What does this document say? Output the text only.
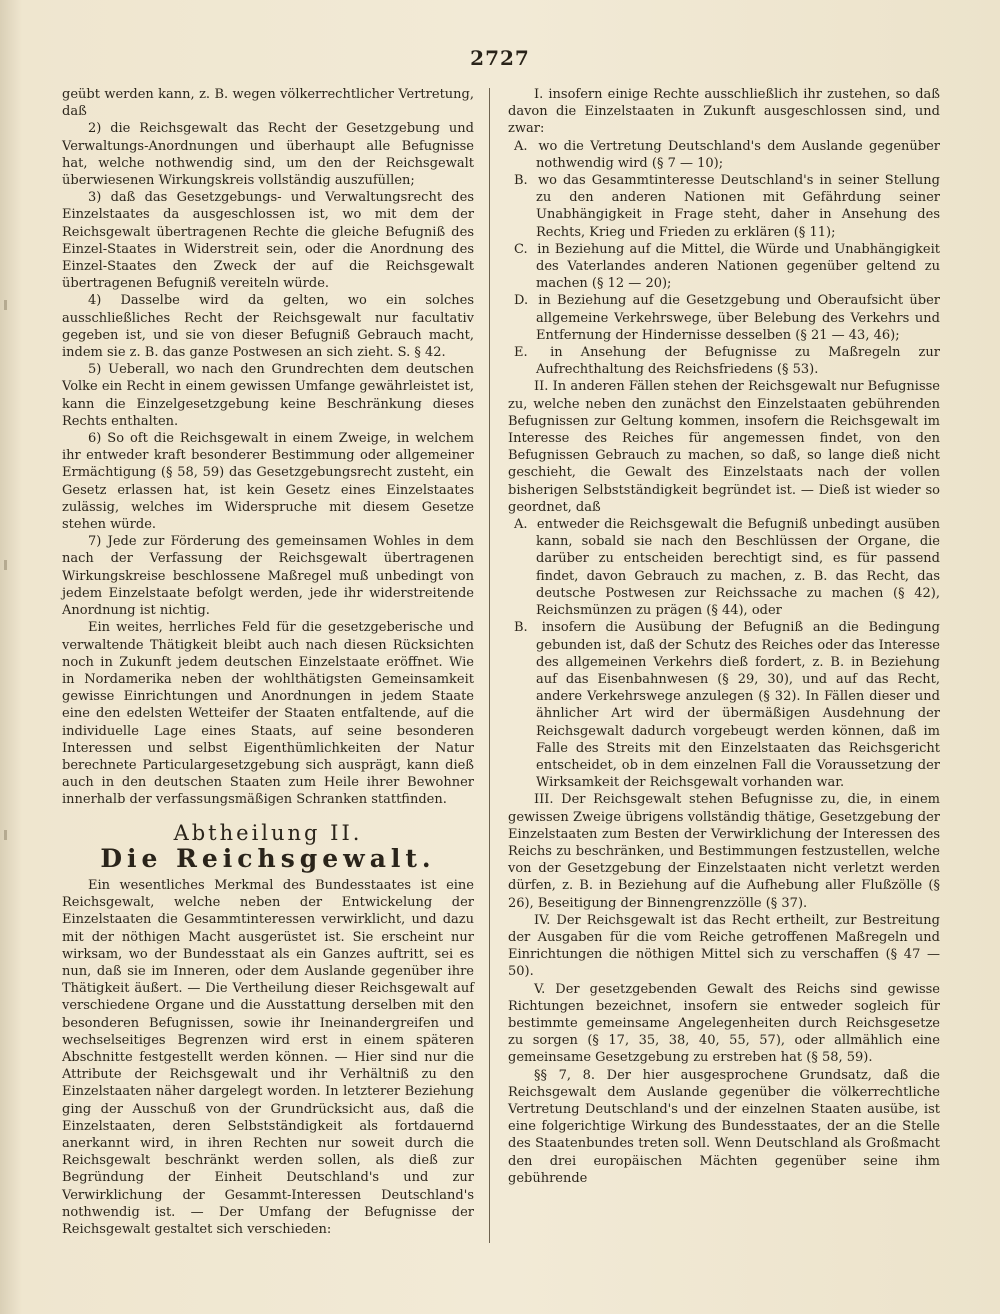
2727

geübt werden kann, z. B. wegen völkerrechtlicher Vertretung, daß

2) die Reichsgewalt das Recht der Gesetzgebung und Verwaltungs-Anordnungen und überhaupt alle Befugnisse hat, welche nothwendig sind, um den der Reichsgewalt überwiesenen Wirkungskreis vollständig auszufüllen;

3) daß das Gesetzgebungs- und Verwaltungsrecht des Einzelstaates da ausgeschlossen ist, wo mit dem der Reichsgewalt übertragenen Rechte die gleiche Befugniß des Einzel-Staates in Widerstreit sein, oder die Anordnung des Einzel-Staates den Zweck der auf die Reichsgewalt übertragenen Befugniß vereiteln würde.

4) Dasselbe wird da gelten, wo ein solches ausschließliches Recht der Reichsgewalt nur facultativ gegeben ist, und sie von dieser Befugniß Gebrauch macht, indem sie z. B. das ganze Postwesen an sich zieht. S. § 42.

5) Ueberall, wo nach den Grundrechten dem deutschen Volke ein Recht in einem gewissen Umfange gewährleistet ist, kann die Einzelgesetzgebung keine Beschränkung dieses Rechts enthalten.

6) So oft die Reichsgewalt in einem Zweige, in welchem ihr entweder kraft besonderer Bestimmung oder allgemeiner Ermächtigung (§ 58, 59) das Gesetzgebungsrecht zusteht, ein Gesetz erlassen hat, ist kein Gesetz eines Einzelstaates zulässig, welches im Widerspruche mit diesem Gesetze stehen würde.

7) Jede zur Förderung des gemeinsamen Wohles in dem nach der Verfassung der Reichsgewalt übertragenen Wirkungskreise beschlossene Maßregel muß unbedingt von jedem Einzelstaate befolgt werden, jede ihr widerstreitende Anordnung ist nichtig.

Ein weites, herrliches Feld für die gesetzgeberische und verwaltende Thätigkeit bleibt auch nach diesen Rücksichten noch in Zukunft jedem deutschen Einzelstaate eröffnet. Wie in Nordamerika neben der wohlthätigsten Gemeinsamkeit gewisse Einrichtungen und Anordnungen in jedem Staate eine den edelsten Wetteifer der Staaten entfaltende, auf die individuelle Lage eines Staats, auf seine besonderen Interessen und selbst Eigenthümlichkeiten der Natur berechnete Particulargesetzgebung sich ausprägt, kann dieß auch in den deutschen Staaten zum Heile ihrer Bewohner innerhalb der verfassungsmäßigen Schranken stattfinden.

Abtheilung II.
Die Reichsgewalt.

Ein wesentliches Merkmal des Bundesstaates ist eine Reichsgewalt, welche neben der Entwickelung der Einzelstaaten die Gesammtinteressen verwirklicht, und dazu mit der nöthigen Macht ausgerüstet ist. Sie erscheint nur wirksam, wo der Bundesstaat als ein Ganzes auftritt, sei es nun, daß sie im Inneren, oder dem Auslande gegenüber ihre Thätigkeit äußert. — Die Vertheilung dieser Reichsgewalt auf verschiedene Organe und die Ausstattung derselben mit den besonderen Befugnissen, sowie ihr Ineinandergreifen und wechselseitiges Begrenzen wird erst in einem späteren Abschnitte festgestellt werden können. — Hier sind nur die Attribute der Reichsgewalt und ihr Verhältniß zu den Einzelstaaten näher dargelegt worden. In letzterer Beziehung ging der Ausschuß von der Grundrücksicht aus, daß die Einzelstaaten, deren Selbstständigkeit als fortdauernd anerkannt wird, in ihren Rechten nur soweit durch die Reichsgewalt beschränkt werden sollen, als dieß zur Begründung der Einheit Deutschland's und zur Verwirklichung der Gesammt-Interessen Deutschland's nothwendig ist. — Der Umfang der Befugnisse der Reichsgewalt gestaltet sich verschieden:

I. insofern einige Rechte ausschließlich ihr zustehen, so daß davon die Einzelstaaten in Zukunft ausgeschlossen sind, und zwar:

A. wo die Vertretung Deutschland's dem Auslande gegenüber nothwendig wird (§ 7 — 10);

B. wo das Gesammtinteresse Deutschland's in seiner Stellung zu den anderen Nationen mit Gefährdung seiner Unabhängigkeit in Frage steht, daher in Ansehung des Rechts, Krieg und Frieden zu erklären (§ 11);

C. in Beziehung auf die Mittel, die Würde und Unabhängigkeit des Vaterlandes anderen Nationen gegenüber geltend zu machen (§ 12 — 20);

D. in Beziehung auf die Gesetzgebung und Oberaufsicht über allgemeine Verkehrswege, über Belebung des Verkehrs und Entfernung der Hindernisse desselben (§ 21 — 43, 46);

E. in Ansehung der Befugnisse zu Maßregeln zur Aufrechthaltung des Reichsfriedens (§ 53).

II. In anderen Fällen stehen der Reichsgewalt nur Befugnisse zu, welche neben den zunächst den Einzelstaaten gebührenden Befugnissen zur Geltung kommen, insofern die Reichsgewalt im Interesse des Reiches für angemessen findet, von den Befugnissen Gebrauch zu machen, so daß, so lange dieß nicht geschieht, die Gewalt des Einzelstaats nach der vollen bisherigen Selbstständigkeit begründet ist. — Dieß ist wieder so geordnet, daß

A. entweder die Reichsgewalt die Befugniß unbedingt ausüben kann, sobald sie nach den Beschlüssen der Organe, die darüber zu entscheiden berechtigt sind, es für passend findet, davon Gebrauch zu machen, z. B. das Recht, das deutsche Postwesen zur Reichssache zu machen (§ 42), Reichsmünzen zu prägen (§ 44), oder

B. insofern die Ausübung der Befugniß an die Bedingung gebunden ist, daß der Schutz des Reiches oder das Interesse des allgemeinen Verkehrs dieß fordert, z. B. in Beziehung auf das Eisenbahnwesen (§ 29, 30), und auf das Recht, andere Verkehrswege anzulegen (§ 32). In Fällen dieser und ähnlicher Art wird der übermäßigen Ausdehnung der Reichsgewalt dadurch vorgebeugt werden können, daß im Falle des Streits mit den Einzelstaaten das Reichsgericht entscheidet, ob in dem einzelnen Fall die Voraussetzung der Wirksamkeit der Reichsgewalt vorhanden war.

III. Der Reichsgewalt stehen Befugnisse zu, die, in einem gewissen Zweige übrigens vollständig thätige, Gesetzgebung der Einzelstaaten zum Besten der Verwirklichung der Interessen des Reichs zu beschränken, und Bestimmungen festzustellen, welche von der Gesetzgebung der Einzelstaaten nicht verletzt werden dürfen, z. B. in Beziehung auf die Aufhebung aller Flußzölle (§ 26), Beseitigung der Binnengrenzzölle (§ 37).

IV. Der Reichsgewalt ist das Recht ertheilt, zur Bestreitung der Ausgaben für die vom Reiche getroffenen Maßregeln und Einrichtungen die nöthigen Mittel sich zu verschaffen (§ 47 — 50).

V. Der gesetzgebenden Gewalt des Reichs sind gewisse Richtungen bezeichnet, insofern sie entweder sogleich für bestimmte gemeinsame Angelegenheiten durch Reichsgesetze zu sorgen (§ 17, 35, 38, 40, 55, 57), oder allmählich eine gemeinsame Gesetzgebung zu erstreben hat (§ 58, 59).

§§ 7, 8. Der hier ausgesprochene Grundsatz, daß die Reichsgewalt dem Auslande gegenüber die völkerrechtliche Vertretung Deutschland's und der einzelnen Staaten ausübe, ist eine folgerichtige Wirkung des Bundesstaates, der an die Stelle des Staatenbundes treten soll. Wenn Deutschland als Großmacht den drei europäischen Mächten gegenüber seine ihm gebührende
